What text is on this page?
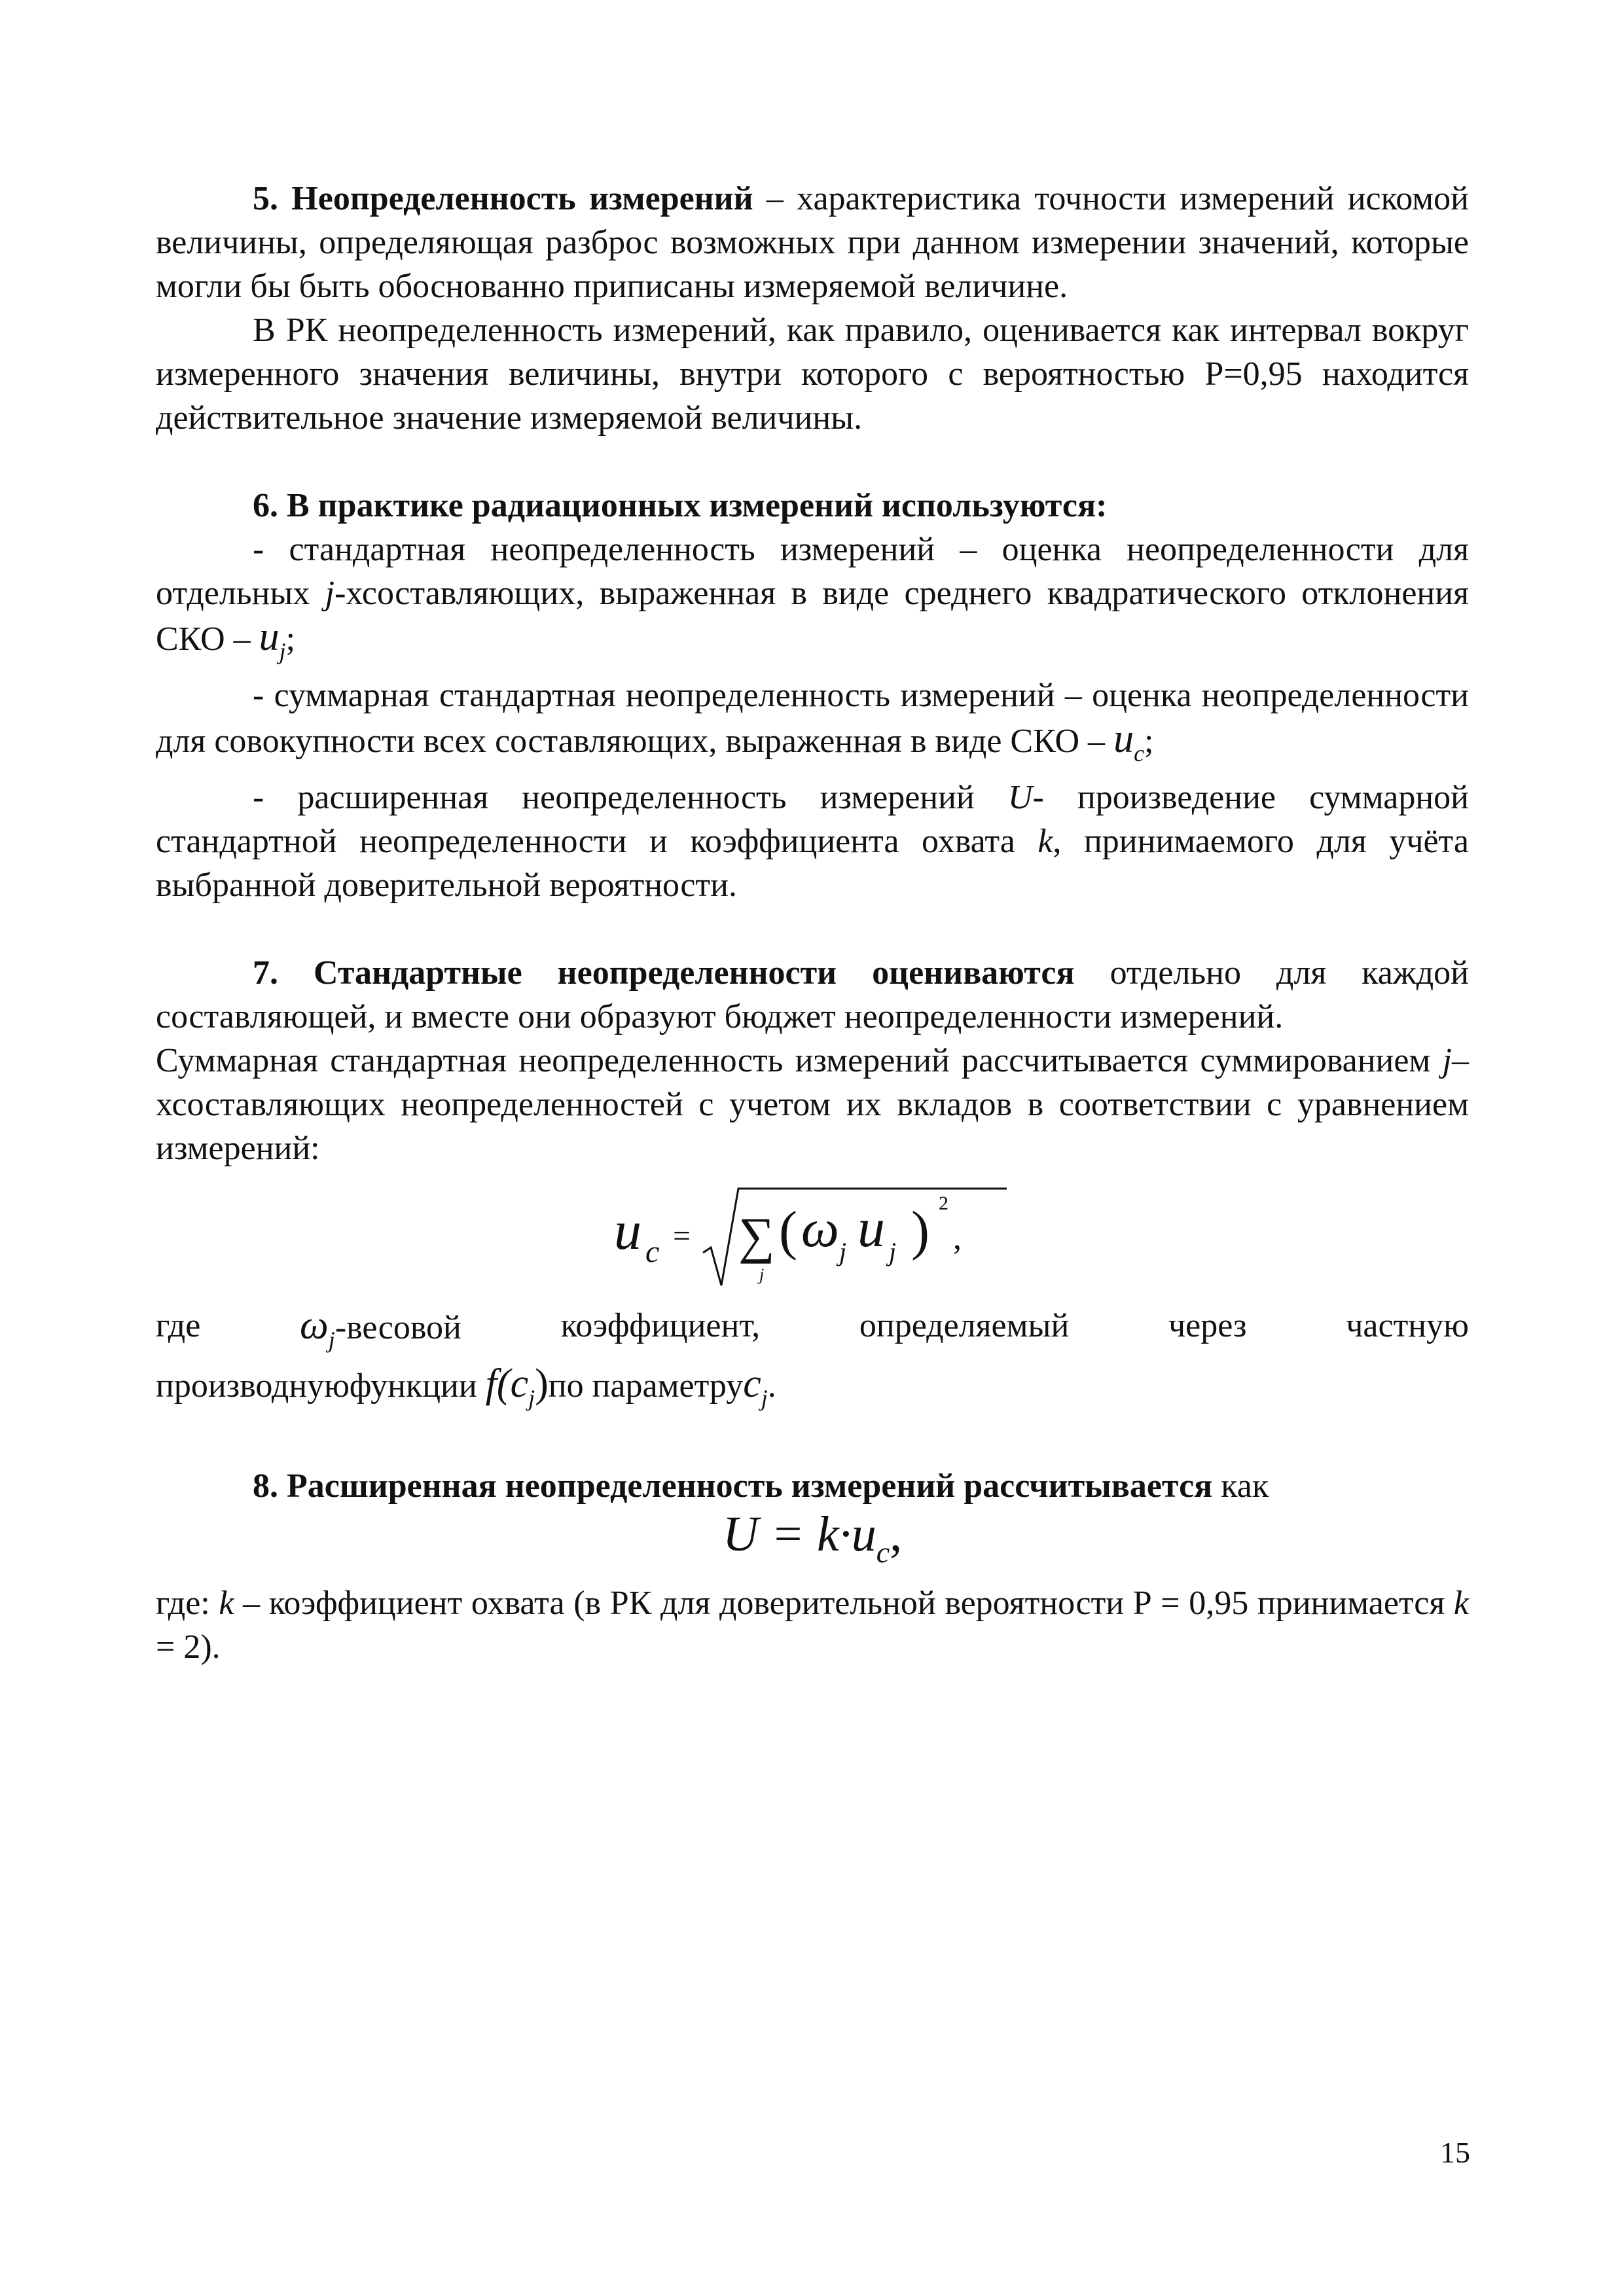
5. Неопределенность измерений – характеристика точности измерений искомой величины, определяющая разброс возможных при данном измерении значений, которые могли бы быть обоснованно приписаны измеряемой величине.

В РК неопределенность измерений, как правило, оценивается как интервал вокруг измеренного значения величины, внутри которого с вероятностью Р=0,95 находится действительное значение измеряемой величины.

6. В практике радиационных измерений используются:

- стандартная неопределенность измерений – оценка неопределенности для отдельных j-хсоставляющих, выраженная в виде среднего квадратического отклонения СКО – $u_j$;

- суммарная стандартная неопределенность измерений – оценка неопределенности для совокупности всех составляющих, выраженная в виде СКО – $u_c$;

- расширенная неопределенность измерений U- произведение суммарной стандартной неопределенности и коэффициента охвата k, принимаемого для учёта выбранной доверительной вероятности.

7. Стандартные неопределенности оцениваются отдельно для каждой составляющей, и вместе они образуют бюджет неопределенности измерений.

Суммарная стандартная неопределенность измерений рассчитывается суммированием j–хсоставляющих неопределенностей с учетом их вкладов в соответствии с уравнением измерений:

u c = ∑
j
( ω j u j ) 2
,
где $\omega_j$-весовой	коэффициент,	определяемый	через	частную

производнуюфункции $f(c_j)по$ параметруc$_j$.

8. Расширенная неопределенность измерений рассчитывается как

$U = k\cdot u_c$,

где: k – коэффициент охвата (в РК для доверительной вероятности Р = 0,95 принимается k = 2).

15
